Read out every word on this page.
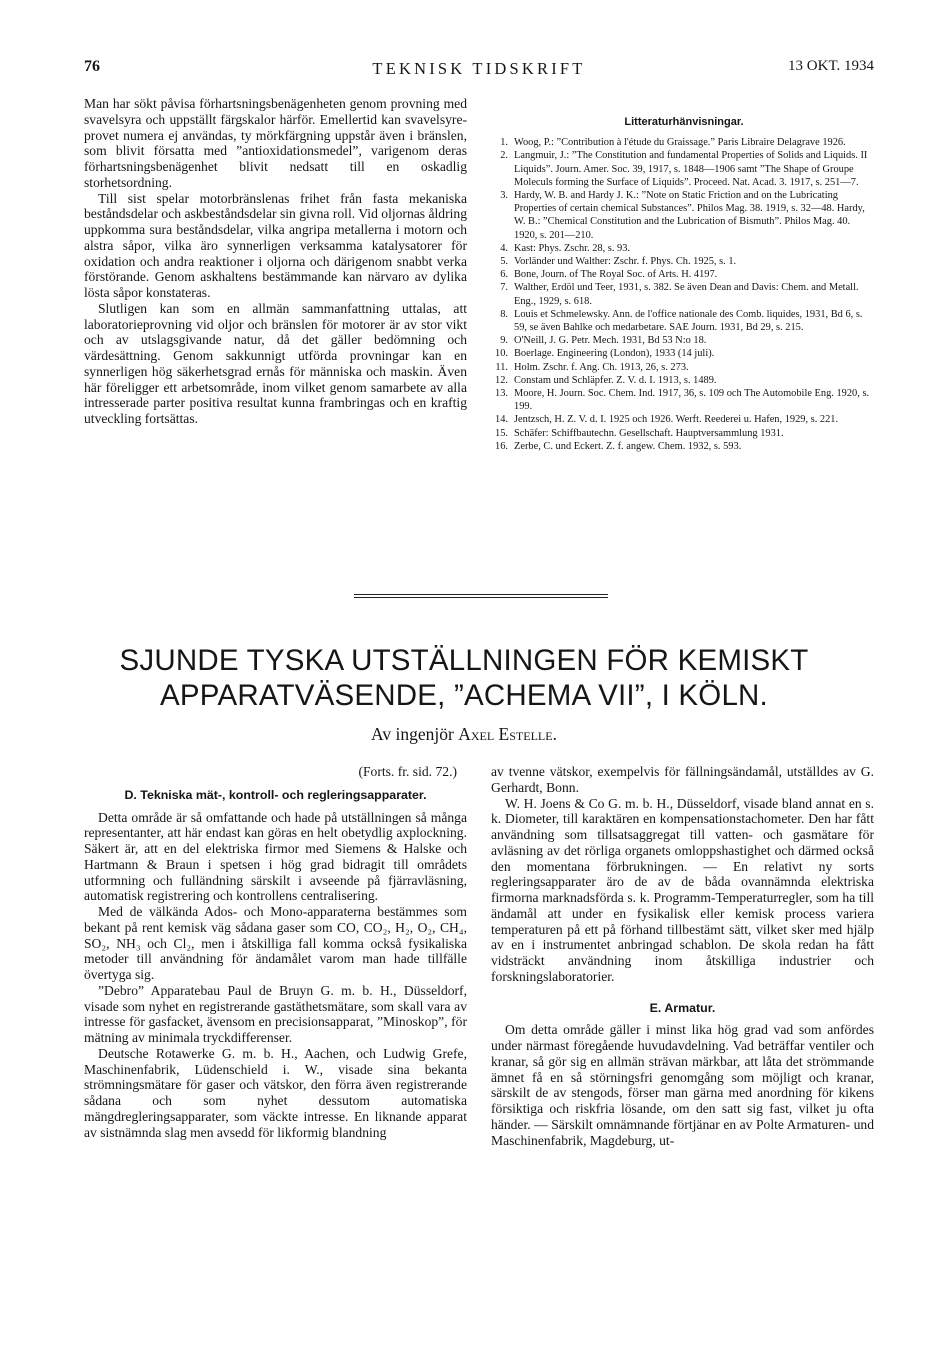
76	TEKNISK TIDSKRIFT	13 OKT. 1934

Man har sökt påvisa förhartsningsbenägenheten genom provning med svavelsyra och uppställt färgskalor härför. Emellertid kan svavelsyre-provet numera ej användas, ty mörkfärgning uppstår även i bränslen, som blivit försatta med ”antioxidationsmedel”, varigenom deras förhartsningsbenägenhet blivit nedsatt till en oskadlig storhetsordning.

Till sist spelar motorbränslenas frihet från fasta mekaniska beståndsdelar och askbeståndsdelar sin givna roll. Vid oljornas åldring uppkomma sura beståndsdelar, vilka angripa metallerna i motorn och alstra såpor, vilka äro synnerligen verksamma katalysatorer för oxidation och andra reaktioner i oljorna och därigenom snabbt verka förstörande. Genom askhaltens bestämmande kan närvaro av dylika lösta såpor konstateras.

Slutligen kan som en allmän sammanfattning uttalas, att laboratorieprovning vid oljor och bränslen för motorer är av stor vikt och av utslagsgivande natur, då det gäller bedömning och värdesättning. Genom sakkunnigt utförda provningar kan en synnerligen hög säkerhetsgrad ernås för människa och maskin. Även här föreligger ett arbetsområde, inom vilket genom samarbete av alla intresserade parter positiva resultat kunna frambringas och en kraftig utveckling fortsättas.

Litteraturhänvisningar.
1. Woog, P.: ”Contribution à l'étude du Graissage.” Paris Libraire Delagrave 1926.
2. Langmuir, J.: ”The Constitution and fundamental Properties of Solids and Liquids. II Liquids”. Journ. Amer. Soc. 39, 1917, s. 1848—1906 samt ”The Shape of Groupe Moleculs forming the Surface of Liquids”. Proceed. Nat. Acad. 3. 1917, s. 251—7.
3. Hardy, W. B. and Hardy J. K.: ”Note on Static Friction and on the Lubricating Properties of certain chemical Substances”. Philos Mag. 38. 1919, s. 32—48. Hardy, W. B.: ”Chemical Constitution and the Lubrication of Bismuth”. Philos Mag. 40. 1920, s. 201—210.
4. Kast: Phys. Zschr. 28, s. 93.
5. Vorländer und Walther: Zschr. f. Phys. Ch. 1925, s. 1.
6. Bone, Journ. of The Royal Soc. of Arts. H. 4197.
7. Walther, Erdöl und Teer, 1931, s. 382. Se även Dean and Davis: Chem. and Metall. Eng., 1929, s. 618.
8. Louis et Schmelewsky. Ann. de l'office nationale des Comb. liquides, 1931, Bd 6, s. 59, se även Bahlke och medarbetare. SAE Journ. 1931, Bd 29, s. 215.
9. O'Neill, J. G. Petr. Mech. 1931, Bd 53 N:o 18.
10. Boerlage. Engineering (London), 1933 (14 juli).
11. Holm. Zschr. f. Ang. Ch. 1913, 26, s. 273.
12. Constam und Schläpfer. Z. V. d. I. 1913, s. 1489.
13. Moore, H. Journ. Soc. Chem. Ind. 1917, 36, s. 109 och The Automobile Eng. 1920, s. 199.
14. Jentzsch, H. Z. V. d. I. 1925 och 1926. Werft. Reederei u. Hafen, 1929, s. 221.
15. Schäfer: Schiffbautechn. Gesellschaft. Hauptversammlung 1931.
16. Zerbe, C. und Eckert. Z. f. angew. Chem. 1932, s. 593.
SJUNDE TYSKA UTSTÄLLNINGEN FÖR KEMISKT
APPARATVÄSENDE, ”ACHEMA VII”, I KÖLN.
Av ingenjör Axel Estelle.
(Forts. fr. sid. 72.)
D. Tekniska mät-, kontroll- och regleringsapparater.

Detta område är så omfattande och hade på utställningen så många representanter, att här endast kan göras en helt obetydlig axplockning. Säkert är, att en del elektriska firmor med Siemens & Halske och Hartmann & Braun i spetsen i hög grad bidragit till områdets utformning och fulländning särskilt i avseende på fjärravläsning, automatisk registrering och kontrollens centralisering.

Med de välkända Ados- och Mono-apparaterna bestämmes som bekant på rent kemisk väg sådana gaser som CO, CO₂, H₂, O₂, CH₄, SO₂, NH₃ och Cl₂, men i åtskilliga fall komma också fysikaliska metoder till användning för ändamålet varom man hade tillfälle övertyga sig.

”Debro” Apparatebau Paul de Bruyn G. m. b. H., Düsseldorf, visade som nyhet en registrerande gastäthetsmätare, som skall vara av intresse för gasfacket, ävensom en precisionsapparat, ”Minoskop”, för mätning av minimala tryckdifferenser.

Deutsche Rotawerke G. m. b. H., Aachen, och Ludwig Grefe, Maschinenfabrik, Lüdenschield i. W., visade sina bekanta strömningsmätare för gaser och vätskor, den förra även registrerande sådana och som nyhet dessutom automatiska mängdregleringsapparater, som väckte intresse. En liknande apparat av sistnämnda slag men avsedd för likformig blandning

av tvenne vätskor, exempelvis för fällningsändamål, utställdes av G. Gerhardt, Bonn.

W. H. Joens & Co G. m. b. H., Düsseldorf, visade bland annat en s. k. Diometer, till karaktären en kompensationstachometer. Den har fått användning som tillsatsaggregat till vatten- och gasmätare för avläsning av det rörliga organets omloppshastighet och därmed också den momentana förbrukningen. — En relativt ny sorts regleringsapparater äro de av de båda ovannämnda elektriska firmorna marknadsförda s. k. Programm-Temperaturregler, som ha till ändamål att under en fysikalisk eller kemisk process variera temperaturen på ett på förhand tillbestämt sätt, vilket sker med hjälp av en i instrumentet anbringad schablon. De skola redan ha fått vidsträckt användning inom åtskilliga industrier och forskningslaboratorier.

E. Armatur.

Om detta område gäller i minst lika hög grad vad som anfördes under närmast föregående huvudavdelning. Vad beträffar ventiler och kranar, så gör sig en allmän strävan märkbar, att låta det strömmande ämnet få en så störningsfri genomgång som möjligt och kranar, särskilt de av stengods, förser man gärna med anordning för kikens försiktiga och riskfria lösande, om den satt sig fast, vilket ju ofta händer. — Särskilt omnämnande förtjänar en av Polte Armaturen- und Maschinenfabrik, Magdeburg, ut-
